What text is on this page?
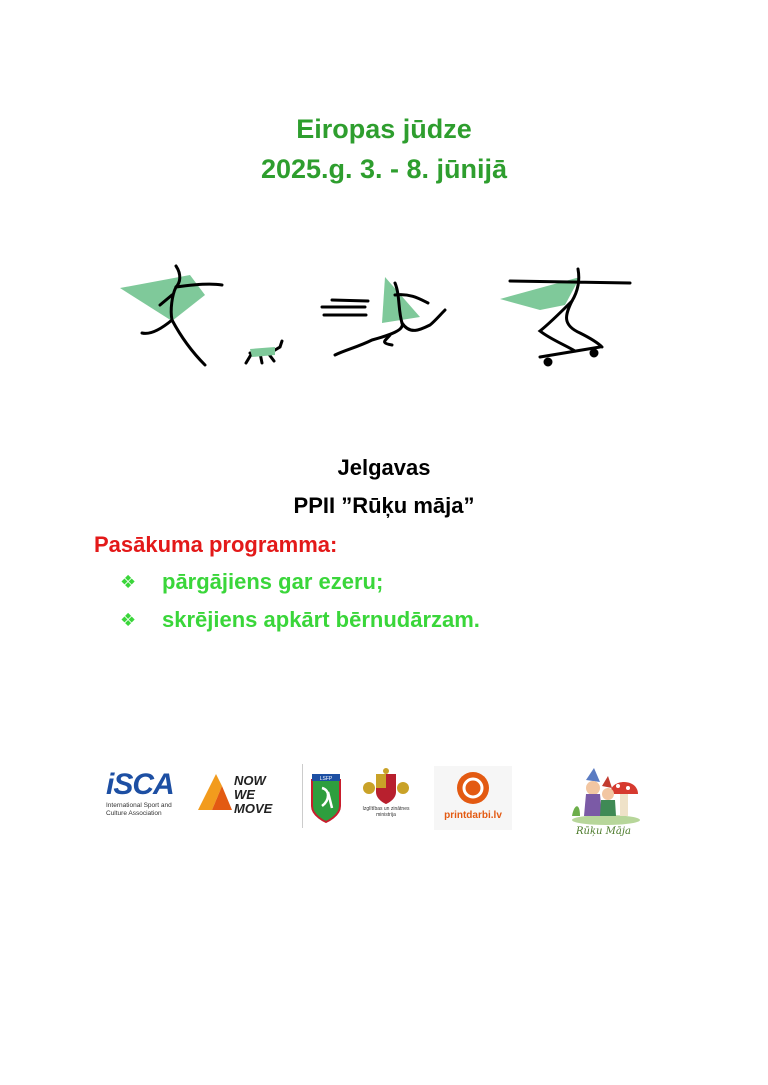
Eiropas jūdze
2025.g. 3. - 8. jūnijā
Jelgavas
PPII ”Rūķu māja”
Pasākuma programma:
❖	pārgājiens gar ezeru;
❖	skrējiens apkārt bērnudārzam.
iSCA
International Sport and Culture Association
NOW
WE MOVE
LSFP
Izglītības un zinātnes ministrija	printdarbi.lv
Rūķu Māja
